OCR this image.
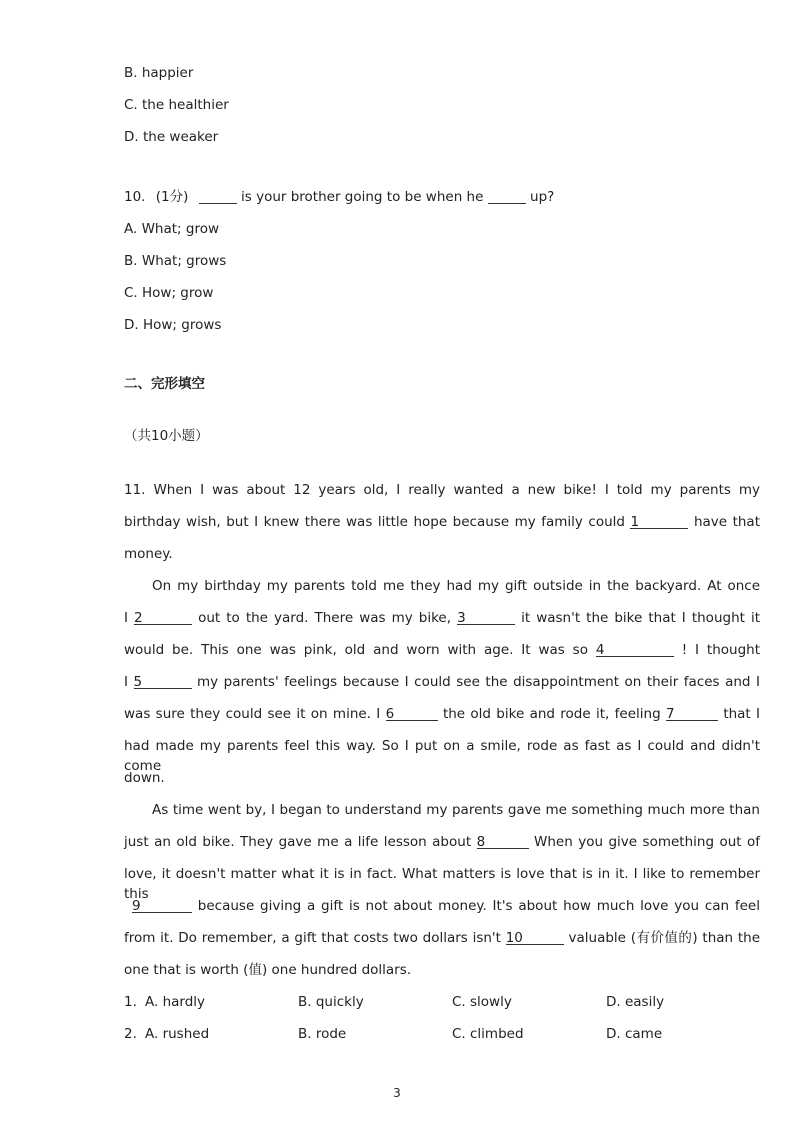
B. happier
C. the healthier
D. the weaker
10. (1分)	is your brother going to be when he	up?
A. What; grow
B. What; grows
C. How; grow
D. How; grows
二、完形填空
（共10小题）
11. When I was about 12 years old, I really wanted a new bike! I told my parents my
birthday wish, but I knew there was little hope because my family could 1	have that
money.
On my birthday my parents told me they had my gift outside in the backyard. At once
I 2	out to the yard. There was my bike, 3	it wasn't the bike that I thought it
would be. This one was pink, old and worn with age. It was so 4	! I thought
I 5	my parents' feelings because I could see the disappointment on their faces and I
was sure they could see it on mine. I 6	the old bike and rode it, feeling 7	that I
had made my parents feel this way. So I put on a smile, rode as fast as I could and didn't come
down.
As time went by, I began to understand my parents gave me something much more than
just an old bike. They gave me a life lesson about 8	When you give something out of
love, it doesn't matter what it is in fact. What matters is love that is in it. I like to remember this
9	because giving a gift is not about money. It's about how much love you can feel
from it. Do remember, a gift that costs two dollars isn't 10	valuable (有价值的) than the
one that is worth (值) one hundred dollars.
1. A. hardly	B. quickly	C. slowly	D. easily
2. A. rushed	B. rode	C. climbed	D. came
3
